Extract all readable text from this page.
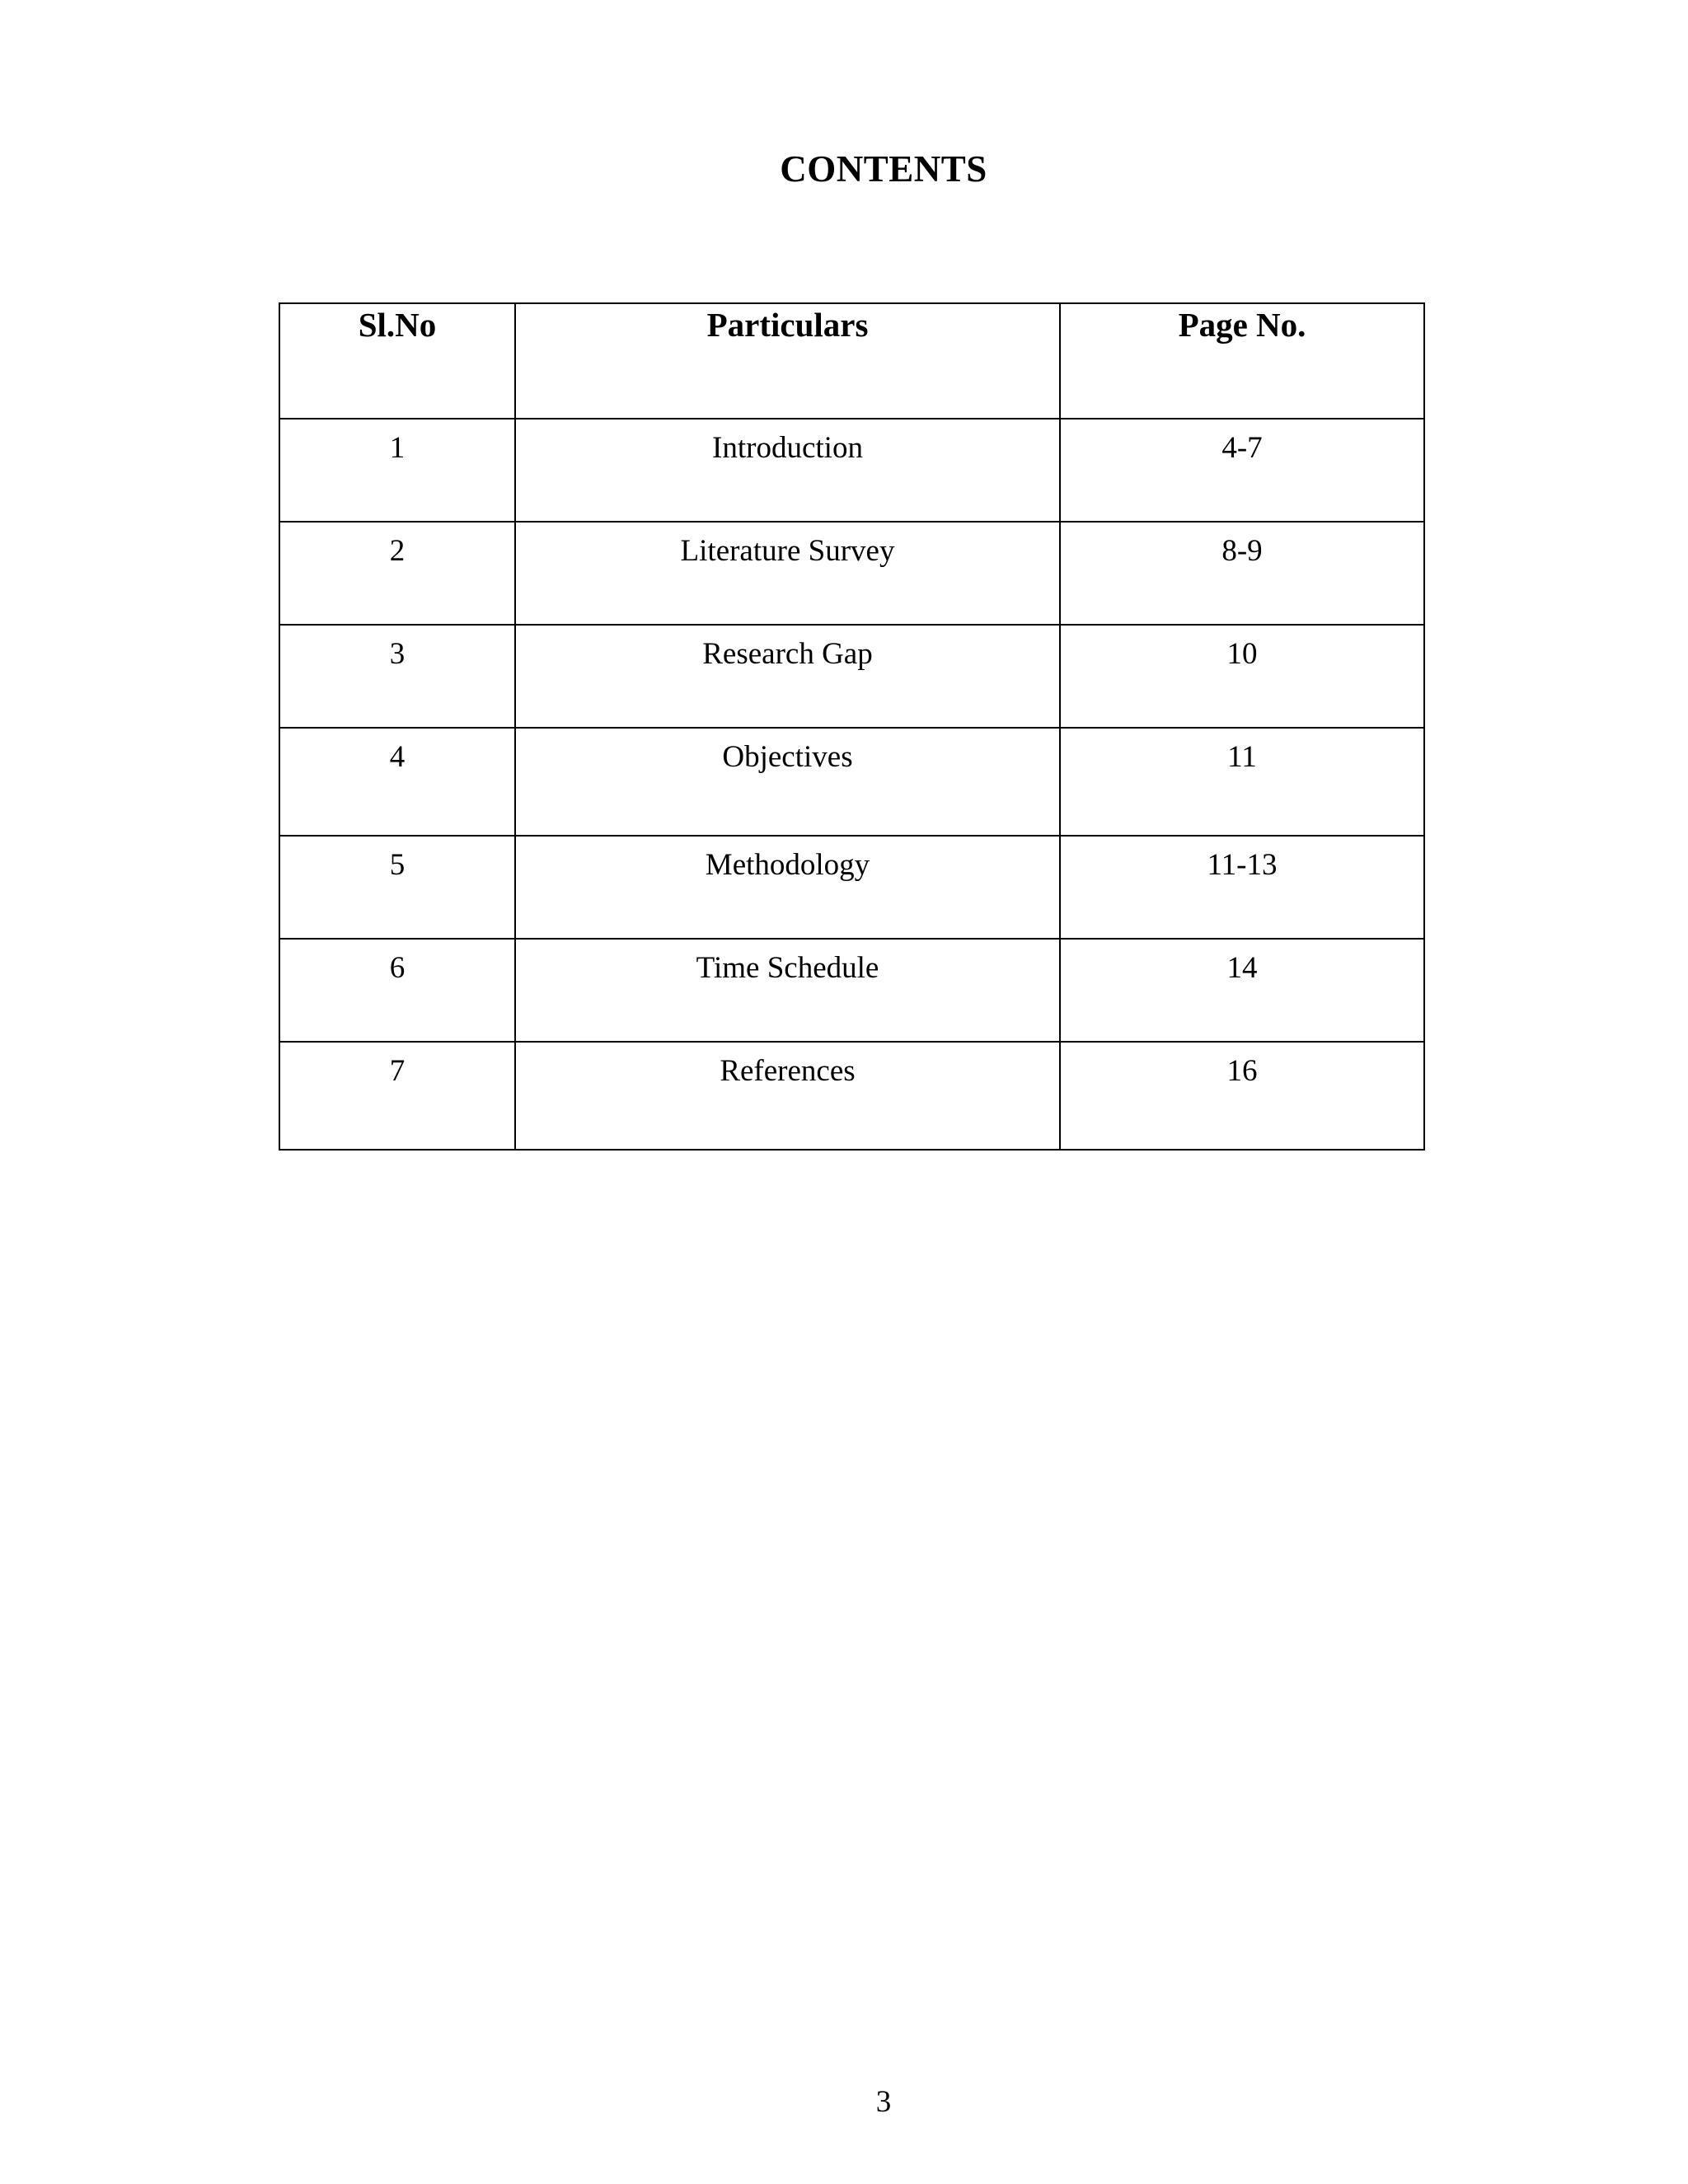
CONTENTS
Sl.No	Particulars	Page No.
1	Introduction	4-7
2	Literature Survey	8-9
3	Research Gap	10
4	Objectives	11
5	Methodology	11-13
6	Time Schedule	14
7	References	16
3
